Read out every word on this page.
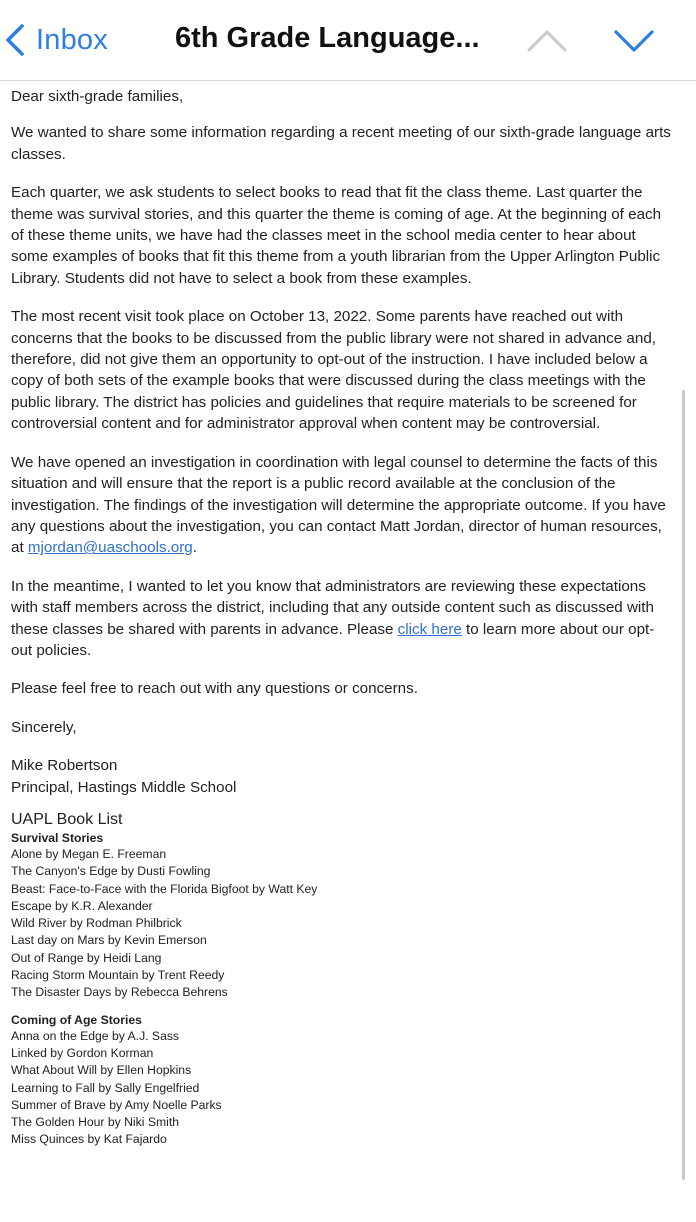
Inbox 6th Grade Language...

Dear sixth-grade families,

We wanted to share some information regarding a recent meeting of our sixth-grade language arts classes.

Each quarter, we ask students to select books to read that fit the class theme. Last quarter the theme was survival stories, and this quarter the theme is coming of age. At the beginning of each of these theme units, we have had the classes meet in the school media center to hear about some examples of books that fit this theme from a youth librarian from the Upper Arlington Public Library. Students did not have to select a book from these examples.

The most recent visit took place on October 13, 2022. Some parents have reached out with concerns that the books to be discussed from the public library were not shared in advance and, therefore, did not give them an opportunity to opt-out of the instruction. I have included below a copy of both sets of the example books that were discussed during the class meetings with the public library. The district has policies and guidelines that require materials to be screened for controversial content and for administrator approval when content may be controversial.

We have opened an investigation in coordination with legal counsel to determine the facts of this situation and will ensure that the report is a public record available at the conclusion of the investigation. The findings of the investigation will determine the appropriate outcome. If you have any questions about the investigation, you can contact Matt Jordan, director of human resources, at mjordan@uaschools.org.

In the meantime, I wanted to let you know that administrators are reviewing these expectations with staff members across the district, including that any outside content such as discussed with these classes be shared with parents in advance. Please click here to learn more about our opt-out policies.

Please feel free to reach out with any questions or concerns.

Sincerely,

Mike Robertson

Principal, Hastings Middle School

UAPL Book List
Survival Stories
Alone by Megan E. Freeman
The Canyon's Edge by Dusti Fowling
Beast: Face-to-Face with the Florida Bigfoot by Watt Key
Escape by K.R. Alexander
Wild River by Rodman Philbrick
Last day on Mars by Kevin Emerson
Out of Range by Heidi Lang
Racing Storm Mountain by Trent Reedy
The Disaster Days by Rebecca Behrens
Coming of Age Stories
Anna on the Edge by A.J. Sass
Linked by Gordon Korman
What About Will by Ellen Hopkins
Learning to Fall by Sally Engelfried
Summer of Brave by Amy Noelle Parks
The Golden Hour by Niki Smith
Miss Quinces by Kat Fajardo
